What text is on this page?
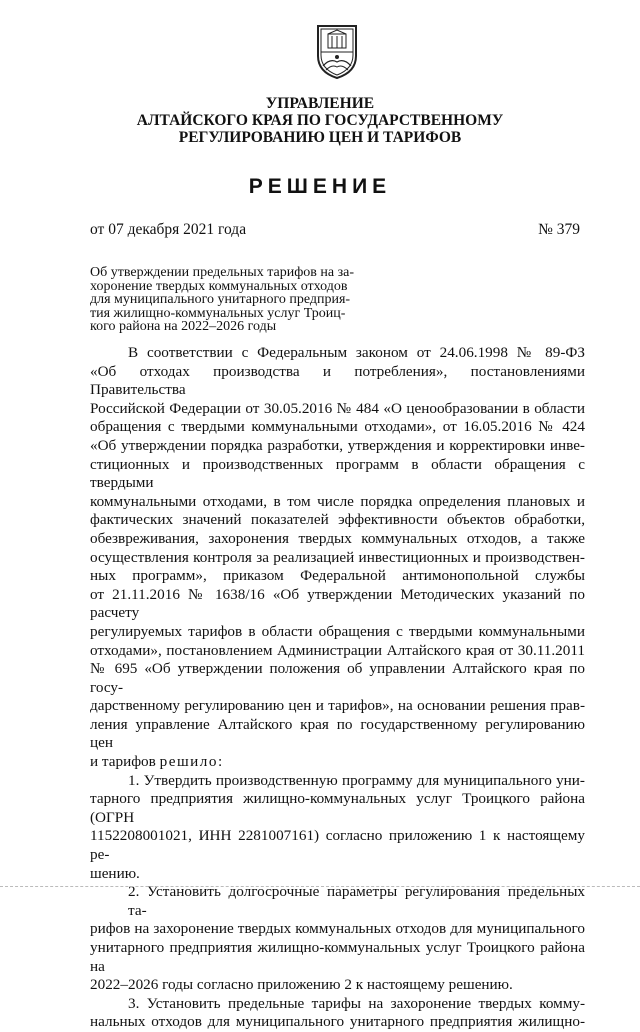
УПРАВЛЕНИЕ
АЛТАЙСКОГО КРАЯ ПО ГОСУДАРСТВЕННОМУ
РЕГУЛИРОВАНИЮ ЦЕН И ТАРИФОВ
РЕШЕНИЕ
от 07 декабря 2021 года	№ 379
Об утверждении предельных тарифов на за-
хоронение твердых коммунальных отходов
для муниципального унитарного предприя-
тия жилищно-коммунальных услуг Троиц-
кого района на 2022–2026 годы
В соответствии с Федеральным законом от 24.06.1998 № 89-ФЗ
«Об отходах производства и потребления», постановлениями Правительства
Российской Федерации от 30.05.2016 № 484 «О ценообразовании в области
обращения с твердыми коммунальными отходами», от 16.05.2016 № 424
«Об утверждении порядка разработки, утверждения и корректировки инве-
стиционных и производственных программ в области обращения с твердыми
коммунальными отходами, в том числе порядка определения плановых и
фактических значений показателей эффективности объектов обработки,
обезвреживания, захоронения твердых коммунальных отходов, а также
осуществления контроля за реализацией инвестиционных и производствен-
ных программ», приказом Федеральной антимонопольной службы
от 21.11.2016 № 1638/16 «Об утверждении Методических указаний по расчету
регулируемых тарифов в области обращения с твердыми коммунальными
отходами», постановлением Администрации Алтайского края от 30.11.2011
№ 695 «Об утверждении положения об управлении Алтайского края по госу-
дарственному регулированию цен и тарифов», на основании решения прав-
ления управление Алтайского края по государственному регулированию цен
и тарифов решило:
1. Утвердить производственную программу для муниципального уни-
тарного предприятия жилищно-коммунальных услуг Троицкого района (ОГРН
1152208001021, ИНН 2281007161) согласно приложению 1 к настоящему ре-
шению.
2. Установить долгосрочные параметры регулирования предельных та-
рифов на захоронение твердых коммунальных отходов для муниципального
унитарного предприятия жилищно-коммунальных услуг Троицкого района на
2022–2026 годы согласно приложению 2 к настоящему решению.
3. Установить предельные тарифы на захоронение твердых комму-
нальных отходов для муниципального унитарного предприятия жилищно-
